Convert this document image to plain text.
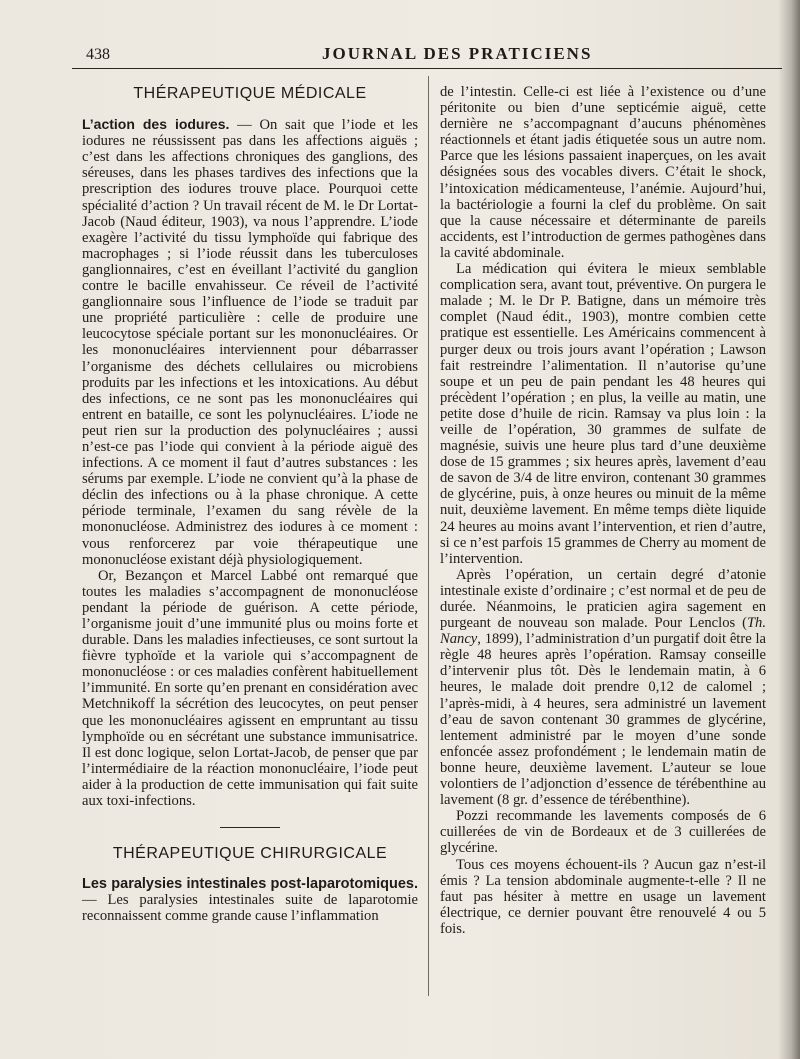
438	JOURNAL DES PRATICIENS
THÉRAPEUTIQUE MÉDICALE

L’action des iodures. — On sait que l’iode et les iodures ne réussissent pas dans les affections aiguës ; c’est dans les affections chroniques des ganglions, des séreuses, dans les phases tardives des infections que la prescription des iodures trouve place. Pourquoi cette spécialité d’action ? Un travail récent de M. le Dr Lortat-Jacob (Naud éditeur, 1903), va nous l’apprendre. L’iode exagère l’activité du tissu lymphoïde qui fabrique des macrophages ; si l’iode réussit dans les tuberculoses ganglionnaires, c’est en éveillant l’activité du ganglion contre le bacille envahisseur. Ce réveil de l’activité ganglionnaire sous l’influence de l’iode se traduit par une propriété particulière : celle de produire une leucocytose spéciale portant sur les mononucléaires. Or les mononucléaires interviennent pour débarrasser l’organisme des déchets cellulaires ou microbiens produits par les infections et les intoxications. Au début des infections, ce ne sont pas les mononucléaires qui entrent en bataille, ce sont les polynucléaires. L’iode ne peut rien sur la production des polynucléaires ; aussi n’est-ce pas l’iode qui convient à la période aiguë des infections. A ce moment il faut d’autres substances : les sérums par exemple. L’iode ne convient qu’à la phase de déclin des infections ou à la phase chronique. A cette période terminale, l’examen du sang révèle de la mononucléose. Administrez des iodures à ce moment : vous renforcerez par voie thérapeutique une mononucléose existant déjà physiologiquement.

Or, Bezançon et Marcel Labbé ont remarqué que toutes les maladies s’accompagnent de mononucléose pendant la période de guérison. A cette période, l’organisme jouit d’une immunité plus ou moins forte et durable. Dans les maladies infectieuses, ce sont surtout la fièvre typhoïde et la variole qui s’accompagnent de mononucléose : or ces maladies confèrent habituellement l’immunité. En sorte qu’en prenant en considération avec Metchnikoff la sécrétion des leucocytes, on peut penser que les mononucléaires agissent en empruntant au tissu lymphoïde ou en sécrétant une substance immunisatrice. Il est donc logique, selon Lortat-Jacob, de penser que par l’intermédiaire de la réaction mononucléaire, l’iode peut aider à la production de cette immunisation qui fait suite aux toxi-infections.

THÉRAPEUTIQUE CHIRURGICALE

Les paralysies intestinales post-laparotomiques. — Les paralysies intestinales suite de laparotomie reconnaissent comme grande cause l’inflammation

de l’intestin. Celle-ci est liée à l’existence ou d’une péritonite ou bien d’une septicémie aiguë, cette dernière ne s’accompagnant d’aucuns phénomènes réactionnels et étant jadis étiquetée sous un autre nom. Parce que les lésions passaient inaperçues, on les avait désignées sous des vocables divers. C’était le shock, l’intoxication médicamenteuse, l’anémie. Aujourd’hui, la bactériologie a fourni la clef du problème. On sait que la cause nécessaire et déterminante de pareils accidents, est l’introduction de germes pathogènes dans la cavité abdominale.

La médication qui évitera le mieux semblable complication sera, avant tout, préventive. On purgera le malade ; M. le Dr P. Batigne, dans un mémoire très complet (Naud édit., 1903), montre combien cette pratique est essentielle. Les Américains commencent à purger deux ou trois jours avant l’opération ; Lawson fait restreindre l’alimentation. Il n’autorise qu’une soupe et un peu de pain pendant les 48 heures qui précèdent l’opération ; en plus, la veille au matin, une petite dose d’huile de ricin. Ramsay va plus loin : la veille de l’opération, 30 grammes de sulfate de magnésie, suivis une heure plus tard d’une deuxième dose de 15 grammes ; six heures après, lavement d’eau de savon de 3/4 de litre environ, contenant 30 grammes de glycérine, puis, à onze heures ou minuit de la même nuit, deuxième lavement. En même temps diète liquide 24 heures au moins avant l’intervention, et rien d’autre, si ce n’est parfois 15 grammes de Cherry au moment de l’intervention.

Après l’opération, un certain degré d’atonie intestinale existe d’ordinaire ; c’est normal et de peu de durée. Néanmoins, le praticien agira sagement en purgeant de nouveau son malade. Pour Lenclos (Th. Nancy, 1899), l’administration d’un purgatif doit être la règle 48 heures après l’opération. Ramsay conseille d’intervenir plus tôt. Dès le lendemain matin, à 6 heures, le malade doit prendre 0,12 de calomel ; l’après-midi, à 4 heures, sera administré un lavement d’eau de savon contenant 30 grammes de glycérine, lentement administré par le moyen d’une sonde enfoncée assez profondément ; le lendemain matin de bonne heure, deuxième lavement. L’auteur se loue volontiers de l’adjonction d’essence de térébenthine au lavement (8 gr. d’essence de térébenthine).

Pozzi recommande les lavements composés de 6 cuillerées de vin de Bordeaux et de 3 cuillerées de glycérine.

Tous ces moyens échouent-ils ? Aucun gaz n’est-il émis ? La tension abdominale augmente-t-elle ? Il ne faut pas hésiter à mettre en usage un lavement électrique, ce dernier pouvant être renouvelé 4 ou 5 fois.
